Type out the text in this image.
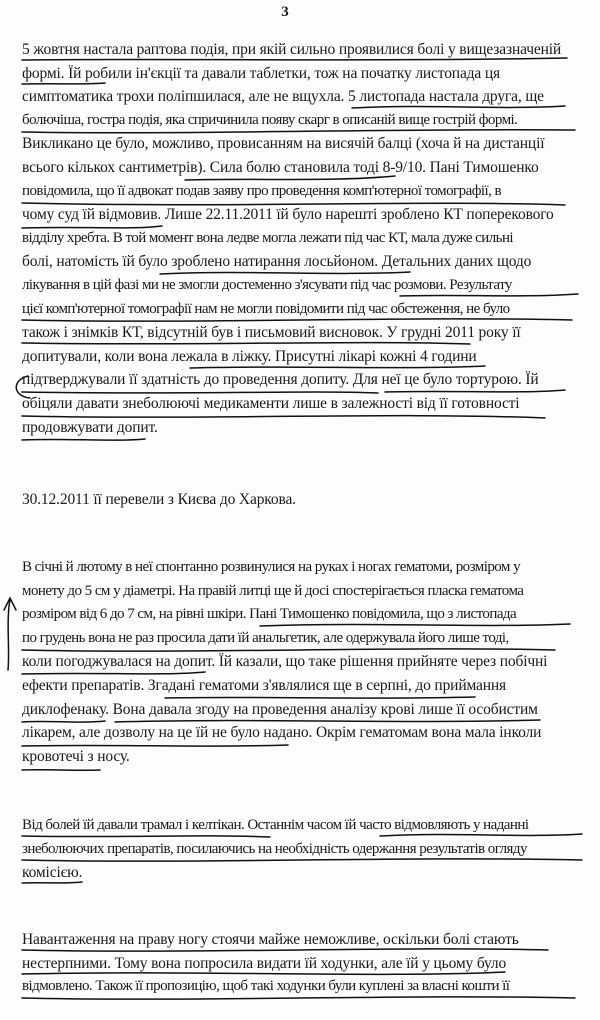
3
5 жовтня настала раптова подія, при якій сильно проявилися болі у вищезазначеній
формі. Їй робили ін'єкції та давали таблетки, тож на початку листопада ця
симптоматика трохи поліпшилася, але не вщухла. 5 листопада настала друга, ще
болючіша, гостра подія, яка спричинила появу скарг в описаній вище гострій формі.
Викликано це було, можливо, провисанням на висячій балці (хоча й на дистанції
всього кількох сантиметрів). Сила болю становила тоді 8-9/10. Пані Тимошенко
повідомила, що її адвокат подав заяву про проведення комп'ютерної томографії, в
чому суд їй відмовив. Лише 22.11.2011 їй було нарешті зроблено КТ поперекового
відділу хребта. В той момент вона ледве могла лежати під час КТ, мала дуже сильні
болі, натомість їй було зроблено натирання лосьйоном. Детальних даних щодо
лікування в цій фазі ми не змогли достеменно з'ясувати під час розмови. Результату
цієї комп'ютерної томографії нам не могли повідомити під час обстеження, не було
також і знімків КТ, відсутній був і письмовий висновок. У грудні 2011 року її
допитували, коли вона лежала в ліжку. Присутні лікарі кожні 4 години
підтверджували її здатність до проведення допиту. Для неї це було тортурою. Їй
обіцяли давати знеболюючі медикаменти лише в залежності від її готовності
продовжувати допит.
30.12.2011 її перевели з Києва до Харкова.
В січні й лютому в неї спонтанно розвинулися на руках і ногах гематоми, розміром у
монету до 5 см у діаметрі. На правій литці ще й досі спостерігається пласка гематома
розміром від 6 до 7 см, на рівні шкіри. Пані Тимошенко повідомила, що з листопада
по грудень вона не раз просила дати їй анальгетик, але одержувала його лише тоді,
коли погоджувалася на допит. Їй казали, що таке рішення прийняте через побічні
ефекти препаратів. Згадані гематоми з'являлися ще в серпні, до приймання
диклофенаку. Вона давала згоду на проведення аналізу крові лише її особистим
лікарем, але дозволу на це їй не було надано. Окрім гематомам вона мала інколи
кровотечі з носу.
Від болей їй давали трамал і келтікан. Останнім часом їй часто відмовляють у наданні
знеболюючих препаратів, посилаючись на необхідність одержання результатів огляду
комісією.
Навантаження на праву ногу стоячи майже неможливе, оскільки болі стають
нестерпними. Тому вона попросила видати їй ходунки, але їй у цьому було
відмовлено. Також її пропозицію, щоб такі ходунки були куплені за власні кошти її
